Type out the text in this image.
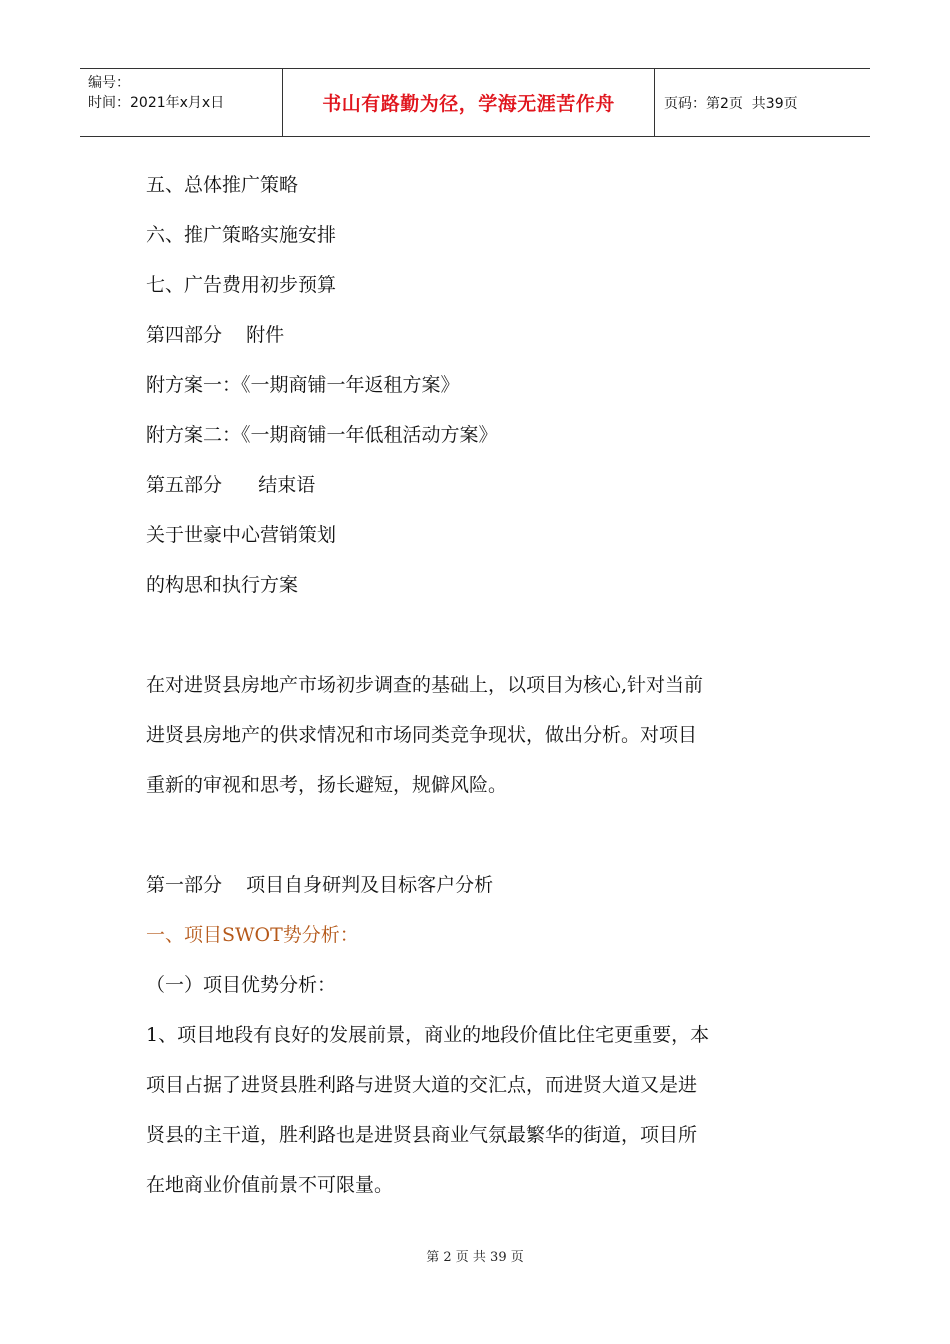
编号：
时间：2021年x月x日	书山有路勤为径，学海无涯苦作舟	页码：第2页  共39页
五、总体推广策略
六、推广策略实施安排
七、广告费用初步预算
第四部分    附件
附方案一：《一期商铺一年返租方案》
附方案二：《一期商铺一年低租活动方案》
第五部分      结束语
关于世豪中心营销策划
的构思和执行方案
在对进贤县房地产市场初步调查的基础上，以项目为核心,针对当前
进贤县房地产的供求情况和市场同类竞争现状，做出分析。对项目
重新的审视和思考，扬长避短，规僻风险。
第一部分    项目自身研判及目标客户分析
一、项目SWOT势分析：
（一）项目优势分析：
1、项目地段有良好的发展前景，商业的地段价值比住宅更重要，本
项目占据了进贤县胜利路与进贤大道的交汇点，而进贤大道又是进
贤县的主干道，胜利路也是进贤县商业气氛最繁华的街道，项目所
在地商业价值前景不可限量。
第 2 页 共 39 页
